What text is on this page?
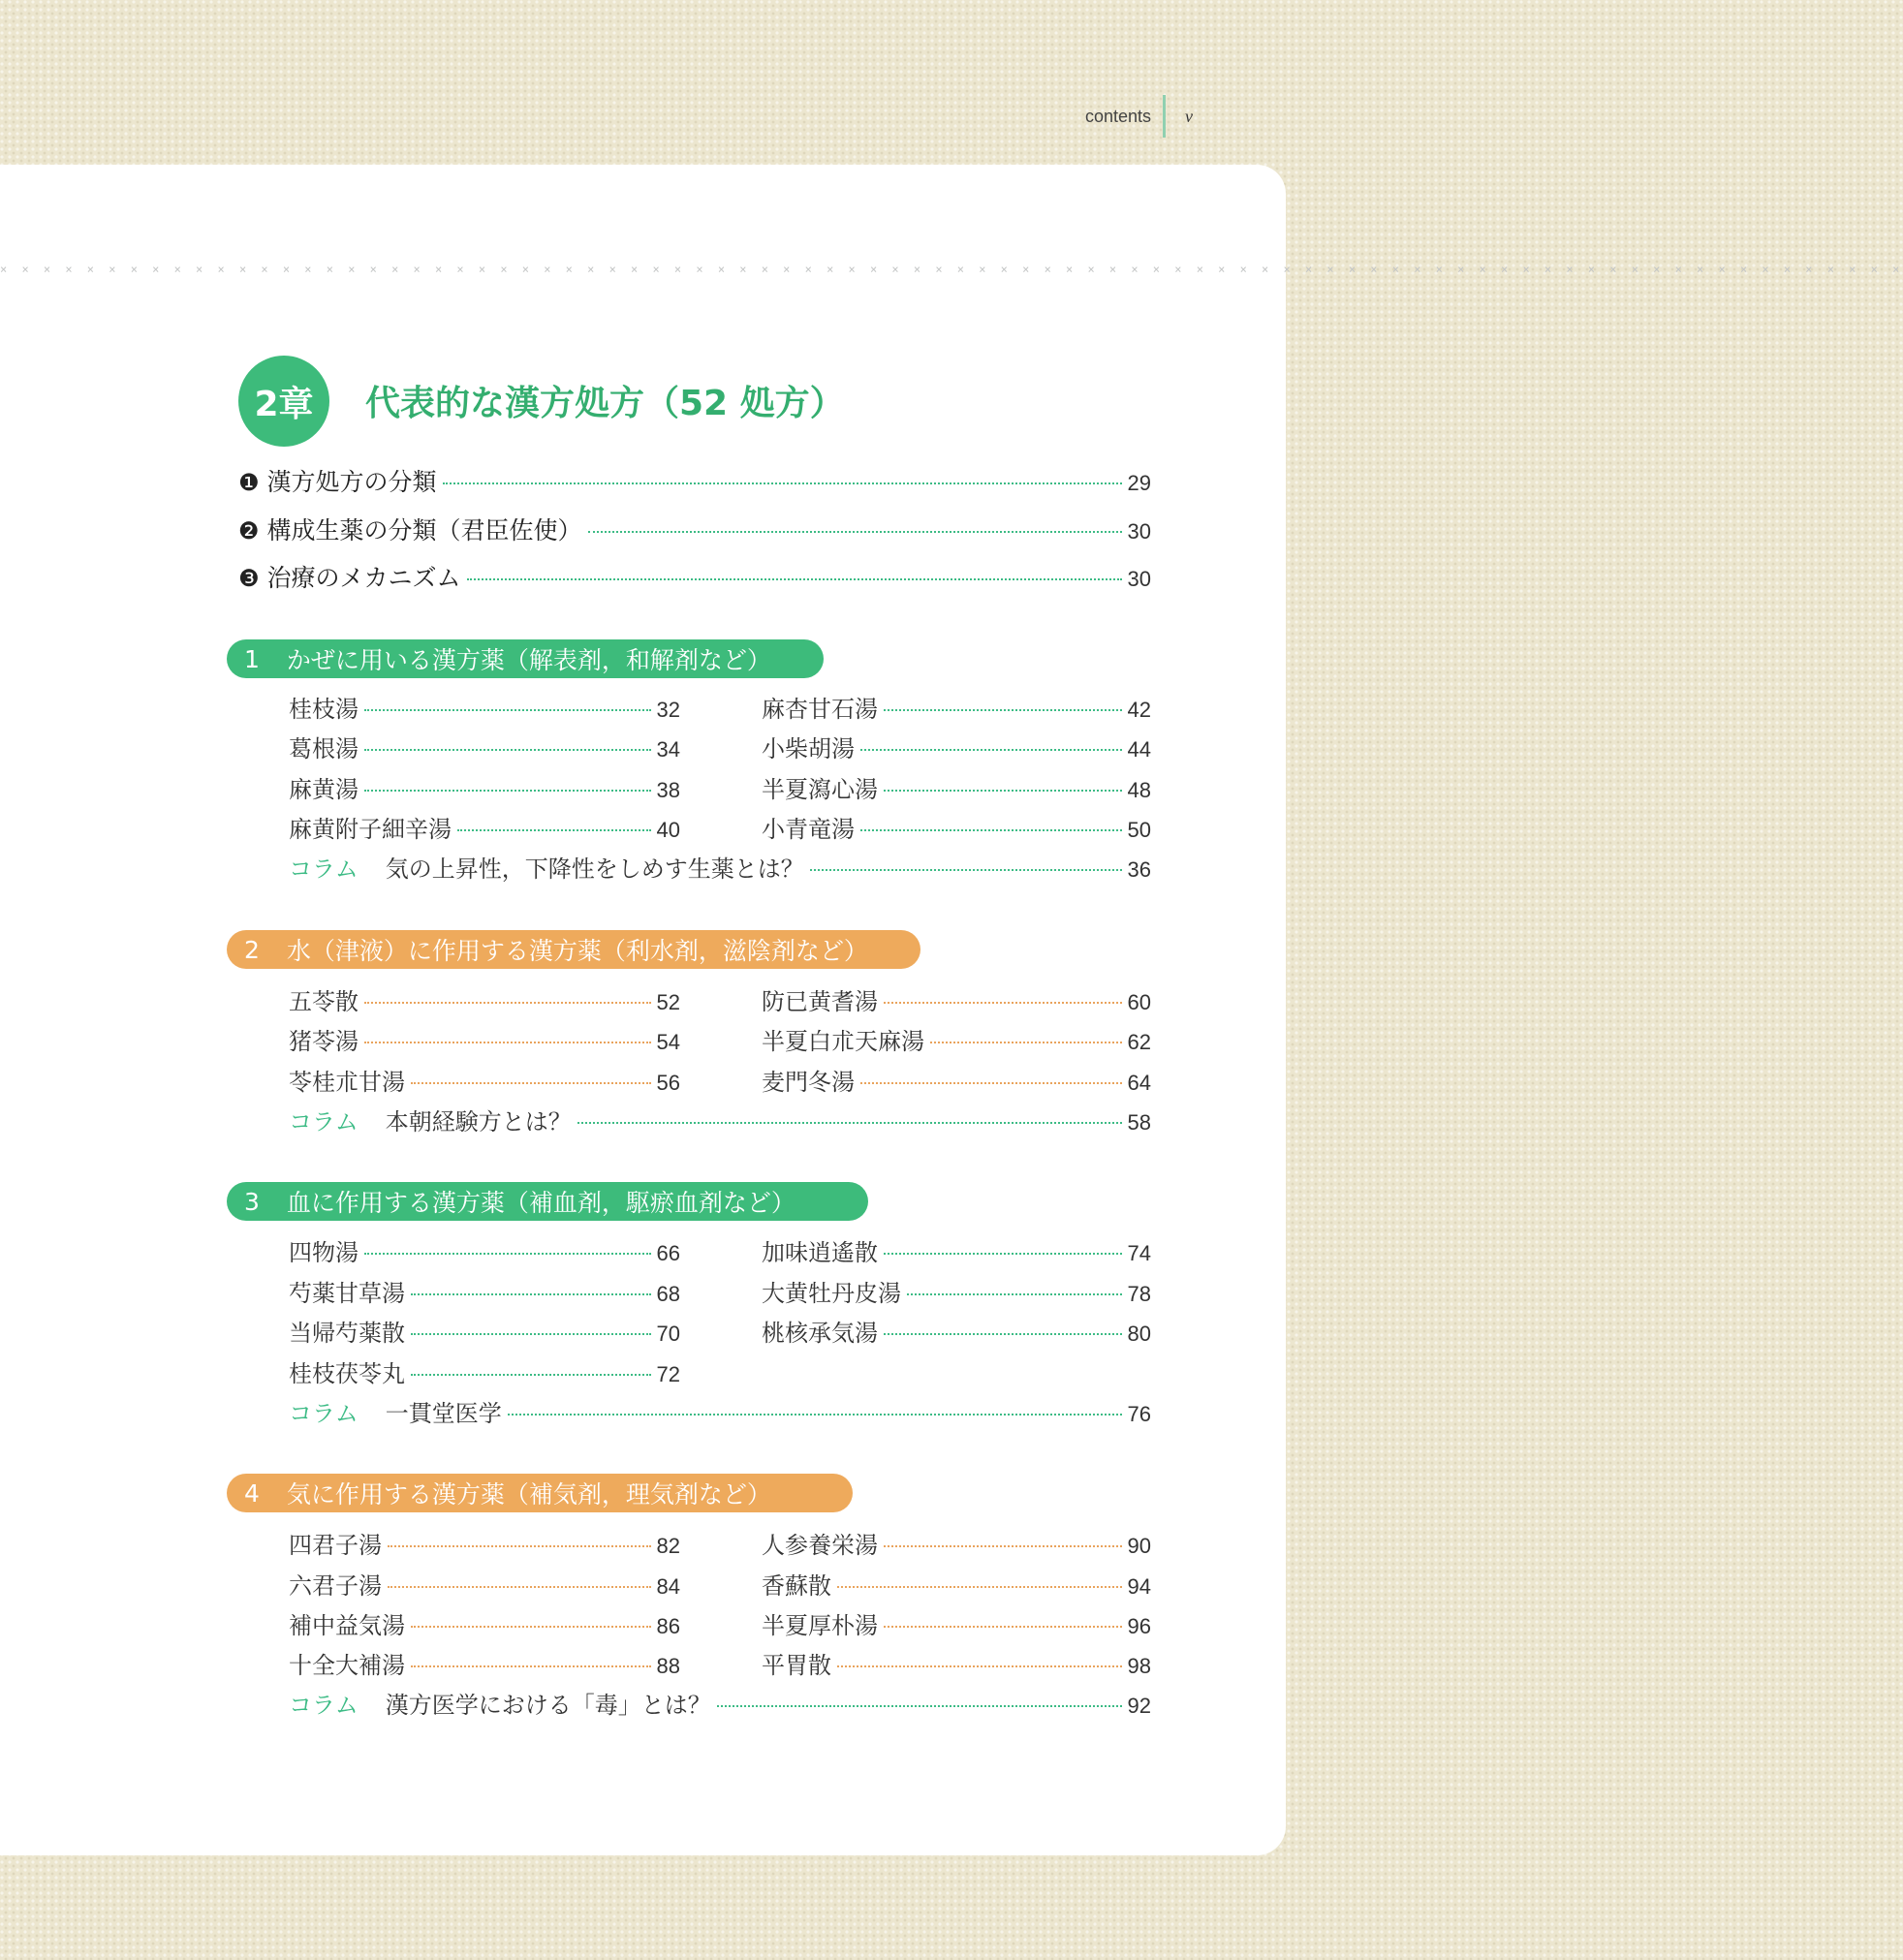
contents	v
× × × × × × × × × × × × × × × × × × × × × × × × × × × × × × × × × × × × × × × × × × × × × × × × × × × × × × × × × × × × × × × × × × × × × × × × × × × × × × × × × × × × × × × ×
2章	代表的な漢方処方（52 処方）
❶ 漢方処方の分類	29
❷ 構成生薬の分類（君臣佐使）	30
❸ 治療のメカニズム	30
1 かぜに用いる漢方薬（解表剤，和解剤など）
桂枝湯	32
葛根湯	34
麻黄湯	38
麻黄附子細辛湯	40
麻杏甘石湯	42
小柴胡湯	44
半夏瀉心湯	48
小青竜湯	50
コラム 気の上昇性，下降性をしめす生薬とは？	36
2 水（津液）に作用する漢方薬（利水剤，滋陰剤など）
五苓散	52
猪苓湯	54
苓桂朮甘湯	56
防已黄耆湯	60
半夏白朮天麻湯	62
麦門冬湯	64
コラム 本朝経験方とは？	58
3 血に作用する漢方薬（補血剤，駆瘀血剤など）
四物湯	66
芍薬甘草湯	68
当帰芍薬散	70
桂枝茯苓丸	72
加味逍遙散	74
大黄牡丹皮湯	78
桃核承気湯	80
コラム 一貫堂医学	76
4 気に作用する漢方薬（補気剤，理気剤など）
四君子湯	82
六君子湯	84
補中益気湯	86
十全大補湯	88
人参養栄湯	90
香蘇散	94
半夏厚朴湯	96
平胃散	98
コラム 漢方医学における「毒」とは？	92
